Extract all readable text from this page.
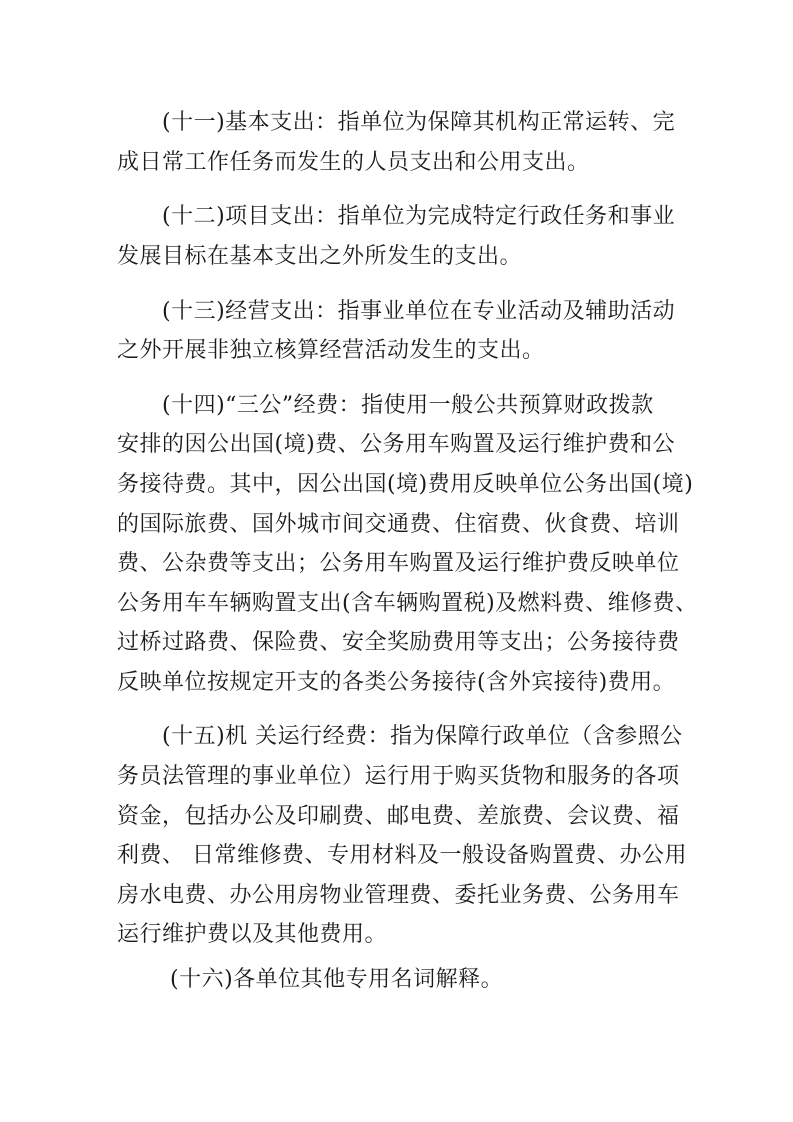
(十一)基本支出：指单位为保障其机构正常运转、完
成日常工作任务而发生的人员支出和公用支出。
(十二)项目支出：指单位为完成特定行政任务和事业
发展目标在基本支出之外所发生的支出。
(十三)经营支出：指事业单位在专业活动及辅助活动
之外开展非独立核算经营活动发生的支出。
(十四)“三公”经费：指使用一般公共预算财政拨款
安排的因公出国(境)费、公务用车购置及运行维护费和公
务接待费。其中，因公出国(境)费用反映单位公务出国(境)
的国际旅费、国外城市间交通费、住宿费、伙食费、培训
费、公杂费等支出；公务用车购置及运行维护费反映单位
公务用车车辆购置支出(含车辆购置税)及燃料费、维修费、
过桥过路费、保险费、安全奖励费用等支出；公务接待费
反映单位按规定开支的各类公务接待(含外宾接待)费用。
(十五)机 关运行经费：指为保障行政单位（含参照公
务员法管理的事业单位）运行用于购买货物和服务的各项
资金，包括办公及印刷费、邮电费、差旅费、会议费、福
利费、 日常维修费、专用材料及一般设备购置费、办公用
房水电费、办公用房物业管理费、委托业务费、公务用车
运行维护费以及其他费用。
(十六)各单位其他专用名词解释。
